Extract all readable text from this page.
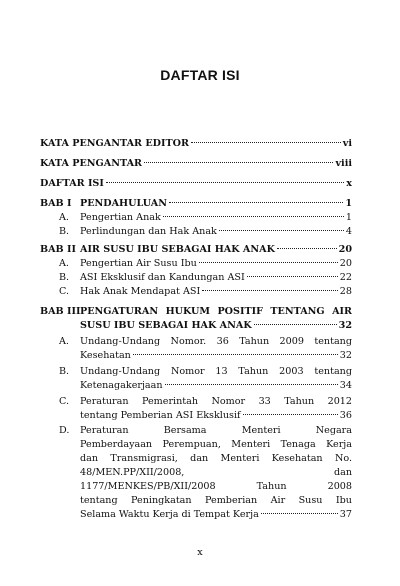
DAFTAR ISI
KATA PENGANTAR EDITOR	vi
KATA PENGANTAR	viii
DAFTAR ISI	x
BAB I PENDAHULUAN	1
A. Pengertian Anak	1
B. Perlindungan dan Hak Anak	4
BAB II AIR SUSU IBU SEBAGAI HAK ANAK	20
A. Pengertian Air Susu Ibu	20
B. ASI Eksklusif dan Kandungan ASI	22
C. Hak Anak Mendapat ASI	28
BAB III PENGATURAN HUKUM POSITIF TENTANG AIR
SUSU IBU SEBAGAI HAK ANAK	32
A. Undang-Undang Nomor. 36 Tahun 2009 tentang
Kesehatan	32
B. Undang-Undang Nomor 13 Tahun 2003 tentang
Ketenagakerjaan	34
C. Peraturan Pemerintah Nomor 33 Tahun 2012
tentang Pemberian ASI Eksklusif	36
D. Peraturan Bersama Menteri Negara
Pemberdayaan Perempuan, Menteri Tenaga Kerja
dan Transmigrasi, dan Menteri Kesehatan No.
48/MEN.PP/XII/2008, dan
1177/MENKES/PB/XII/2008 Tahun 2008
tentang Peningkatan Pemberian Air Susu Ibu
Selama Waktu Kerja di Tempat Kerja	37
x
